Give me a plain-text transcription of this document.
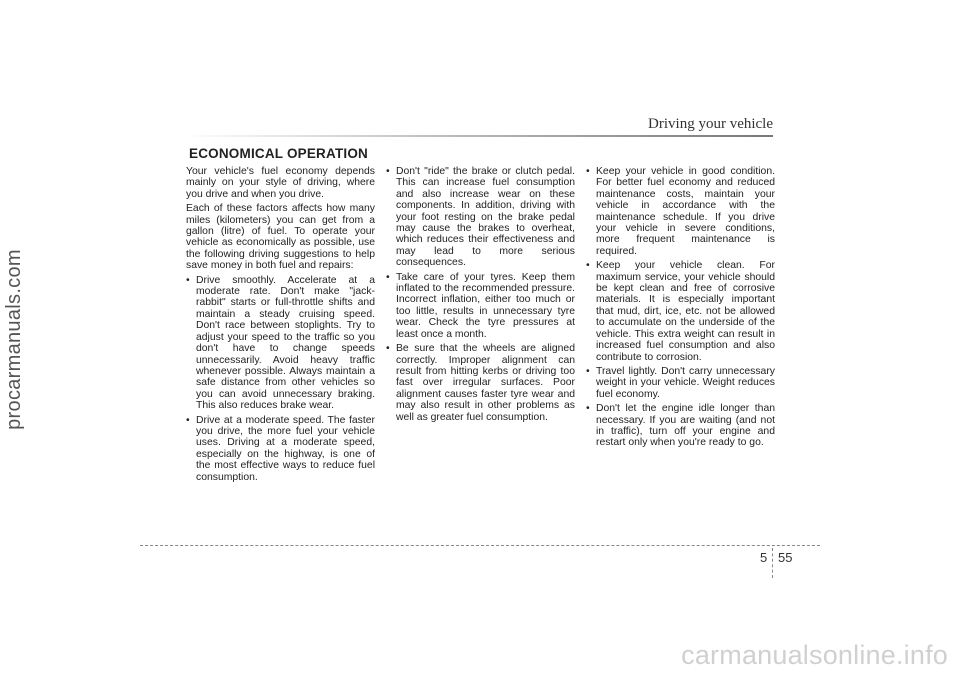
procarmanuals.com
Driving your vehicle
ECONOMICAL OPERATION

Your vehicle's fuel economy depends mainly on your style of driving, where you drive and when you drive.

Each of these factors affects how many miles (kilometers) you can get from a gallon (litre) of fuel. To operate your vehicle as economically as possible, use the following driving suggestions to help save money in both fuel and repairs:

• Drive smoothly. Accelerate at a moderate rate. Don't make "jack-rabbit" starts or full-throttle shifts and maintain a steady cruising speed. Don't race between stoplights. Try to adjust your speed to the traffic so you don't have to change speeds unnecessarily. Avoid heavy traffic whenever possible. Always maintain a safe distance from other vehicles so you can avoid unnecessary braking. This also reduces brake wear.
• Drive at a moderate speed. The faster you drive, the more fuel your vehicle uses. Driving at a moderate speed, especially on the highway, is one of the most effective ways to reduce fuel consumption.
• Don't "ride" the brake or clutch pedal. This can increase fuel consumption and also increase wear on these components. In addition, driving with your foot resting on the brake pedal may cause the brakes to overheat, which reduces their effectiveness and may lead to more serious consequences.
• Take care of your tyres. Keep them inflated to the recommended pressure. Incorrect inflation, either too much or too little, results in unnecessary tyre wear. Check the tyre pressures at least once a month.
• Be sure that the wheels are aligned correctly. Improper alignment can result from hitting kerbs or driving too fast over irregular surfaces. Poor alignment causes faster tyre wear and may also result in other problems as well as greater fuel consumption.
• Keep your vehicle in good condition. For better fuel economy and reduced maintenance costs, maintain your vehicle in accordance with the maintenance schedule. If you drive your vehicle in severe conditions, more frequent maintenance is required.
• Keep your vehicle clean. For maximum service, your vehicle should be kept clean and free of corrosive materials. It is especially important that mud, dirt, ice, etc. not be allowed to accumulate on the underside of the vehicle. This extra weight can result in increased fuel consumption and also contribute to corrosion.
• Travel lightly. Don't carry unnecessary weight in your vehicle. Weight reduces fuel economy.
• Don't let the engine idle longer than necessary. If you are waiting (and not in traffic), turn off your engine and restart only when you're ready to go.
5 55
carmanualsonline.info
